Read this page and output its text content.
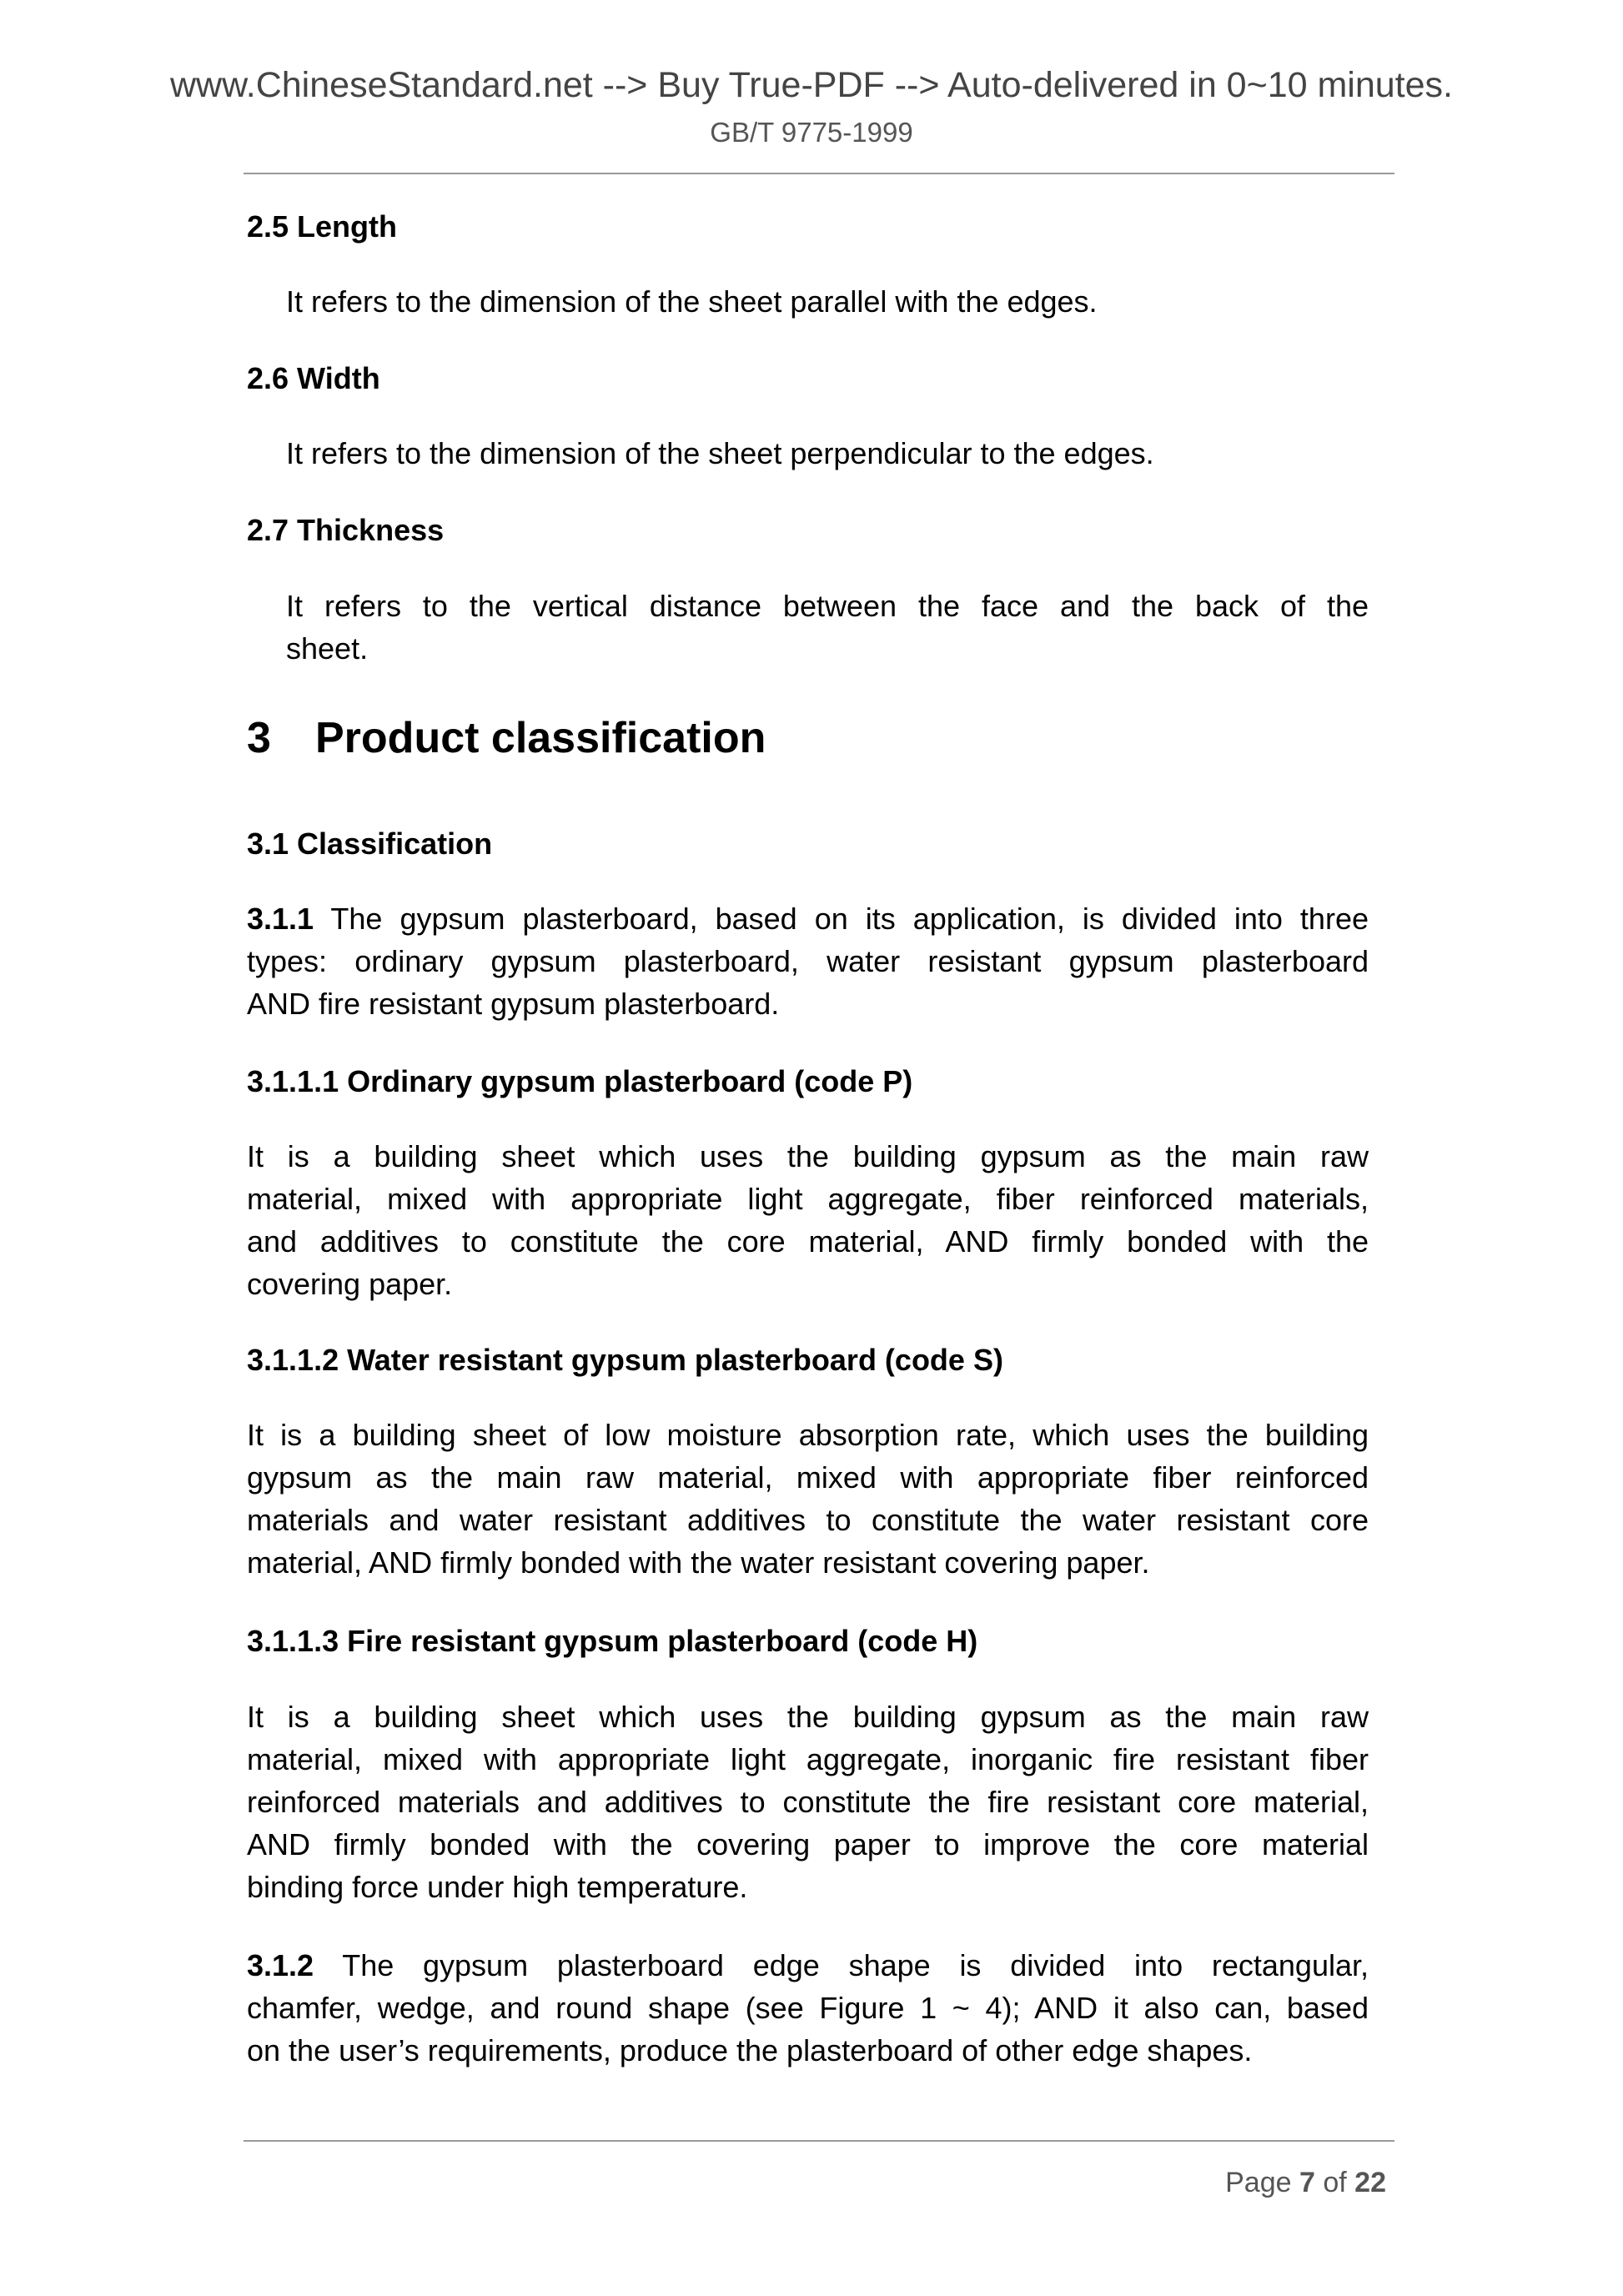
www.ChineseStandard.net --> Buy True-PDF --> Auto-delivered in 0~10 minutes.
GB/T 9775-1999
2.5 Length
It refers to the dimension of the sheet parallel with the edges.
2.6 Width
It refers to the dimension of the sheet perpendicular to the edges.
2.7 Thickness
It refers to the vertical distance between the face and the back of the
sheet.
3 Product classification
3.1 Classification
3.1.1 The gypsum plasterboard, based on its application, is divided into three
types: ordinary gypsum plasterboard, water resistant gypsum plasterboard
AND fire resistant gypsum plasterboard.
3.1.1.1 Ordinary gypsum plasterboard (code P)
It is a building sheet which uses the building gypsum as the main raw
material, mixed with appropriate light aggregate, fiber reinforced materials,
and additives to constitute the core material, AND firmly bonded with the
covering paper.
3.1.1.2 Water resistant gypsum plasterboard (code S)
It is a building sheet of low moisture absorption rate, which uses the building
gypsum as the main raw material, mixed with appropriate fiber reinforced
materials and water resistant additives to constitute the water resistant core
material, AND firmly bonded with the water resistant covering paper.
3.1.1.3 Fire resistant gypsum plasterboard (code H)
It is a building sheet which uses the building gypsum as the main raw
material, mixed with appropriate light aggregate, inorganic fire resistant fiber
reinforced materials and additives to constitute the fire resistant core material,
AND firmly bonded with the covering paper to improve the core material
binding force under high temperature.
3.1.2 The gypsum plasterboard edge shape is divided into rectangular,
chamfer, wedge, and round shape (see Figure 1 ~ 4); AND it also can, based
on the user’s requirements, produce the plasterboard of other edge shapes.
Page 7 of 22
